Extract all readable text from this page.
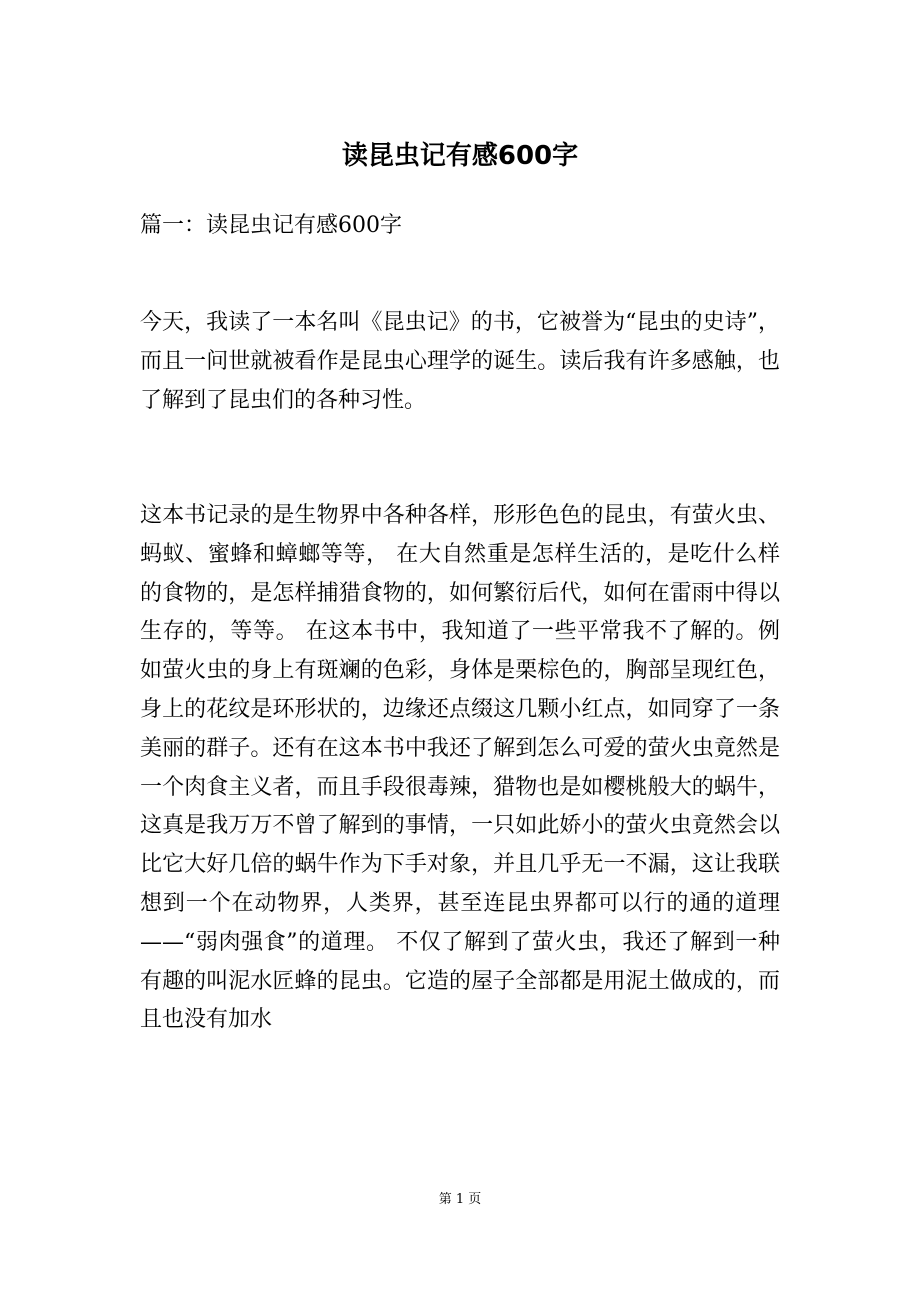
读昆虫记有感600字

篇一：读昆虫记有感600字

今天，我读了一本名叫《昆虫记》的书，它被誉为“昆虫的史诗”，而且一问世就被看作是昆虫心理学的诞生。读后我有许多感触，也了解到了昆虫们的各种习性。

这本书记录的是生物界中各种各样，形形色色的昆虫，有萤火虫、蚂蚁、蜜蜂和蟑螂等等， 在大自然重是怎样生活的，是吃什么样的食物的，是怎样捕猎食物的，如何繁衍后代，如何在雷雨中得以生存的，等等。 在这本书中，我知道了一些平常我不了解的。例如萤火虫的身上有斑斓的色彩，身体是栗棕色的，胸部呈现红色，身上的花纹是环形状的，边缘还点缀这几颗小红点，如同穿了一条美丽的群子。还有在这本书中我还了解到怎么可爱的萤火虫竟然是一个肉食主义者，而且手段很毒辣，猎物也是如樱桃般大的蜗牛，这真是我万万不曾了解到的事情，一只如此娇小的萤火虫竟然会以比它大好几倍的蜗牛作为下手对象，并且几乎无一不漏，这让我联想到一个在动物界，人类界，甚至连昆虫界都可以行的通的道理——“弱肉强食”的道理。 不仅了解到了萤火虫，我还了解到一种有趣的叫泥水匠蜂的昆虫。它造的屋子全部都是用泥土做成的，而且也没有加水

第 1 页
